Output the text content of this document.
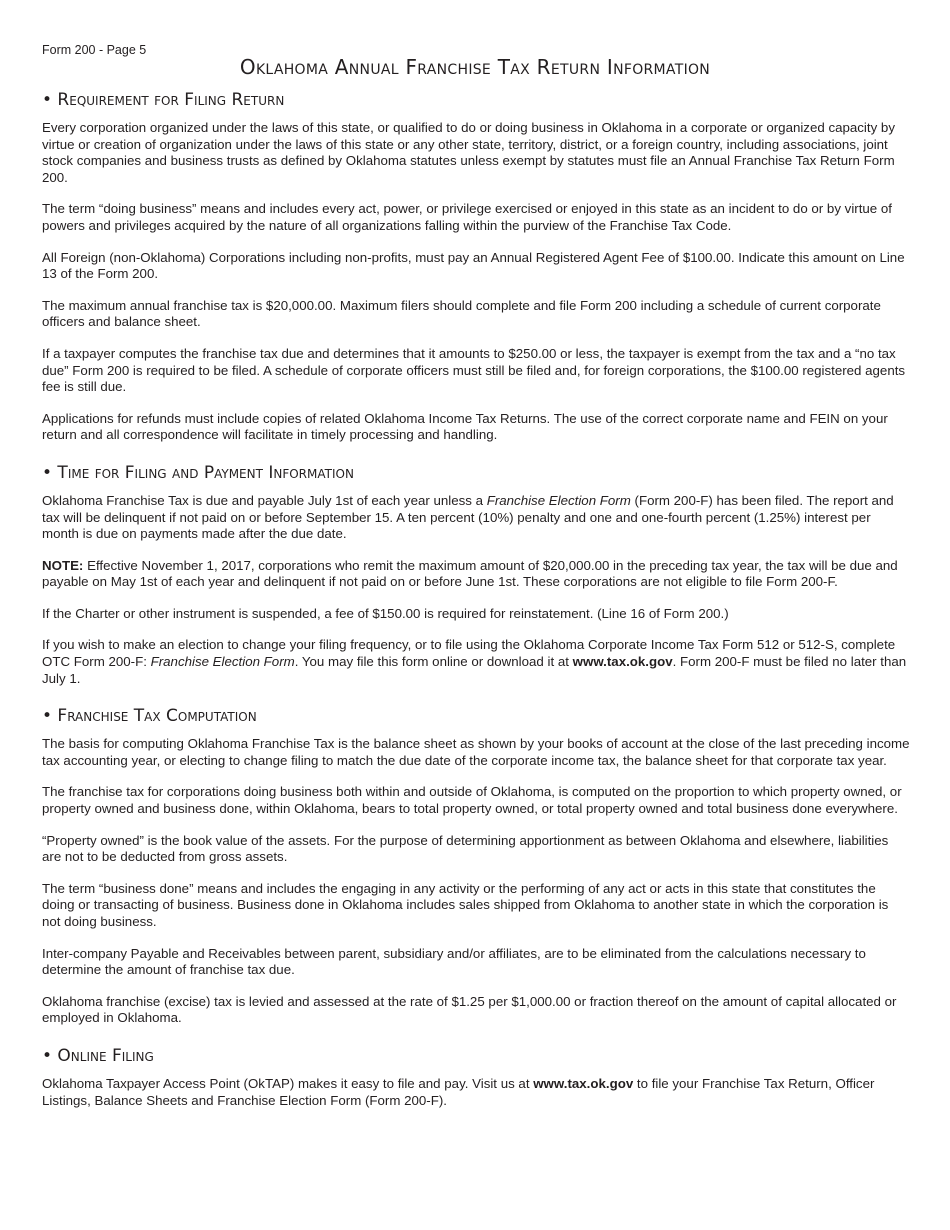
Form 200 - Page 5
Oklahoma Annual Franchise Tax Return Information
• Requirement for Filing Return

Every corporation organized under the laws of this state, or qualified to do or doing business in Oklahoma in a corporate or organized capacity by virtue or creation of organization under the laws of this state or any other state, territory, district, or a foreign country, including associations, joint stock companies and business trusts as defined by Oklahoma statutes unless exempt by statutes must file an Annual Franchise Tax Return Form 200.

The term “doing business” means and includes every act, power, or privilege exercised or enjoyed in this state as an incident to do or by virtue of powers and privileges acquired by the nature of all organizations falling within the purview of the Franchise Tax Code.

All Foreign (non-Oklahoma) Corporations including non-profits, must pay an Annual Registered Agent Fee of $100.00. Indicate this amount on Line 13 of the Form 200.

The maximum annual franchise tax is $20,000.00. Maximum filers should complete and file Form 200 including a schedule of current corporate officers and balance sheet.

If a taxpayer computes the franchise tax due and determines that it amounts to $250.00 or less, the taxpayer is exempt from the tax and a “no tax due” Form 200 is required to be filed. A schedule of corporate officers must still be filed and, for foreign corporations, the $100.00 registered agents fee is still due.

Applications for refunds must include copies of related Oklahoma Income Tax Returns. The use of the correct corporate name and FEIN on your return and all correspondence will facilitate in timely processing and handling.

• Time for Filing and Payment Information

Oklahoma Franchise Tax is due and payable July 1st of each year unless a Franchise Election Form (Form 200-F) has been filed. The report and tax will be delinquent if not paid on or before September 15. A ten percent (10%) penalty and one and one-fourth percent (1.25%) interest per month is due on payments made after the due date.

NOTE: Effective November 1, 2017, corporations who remit the maximum amount of $20,000.00 in the preceding tax year, the tax will be due and payable on May 1st of each year and delinquent if not paid on or before June 1st. These corporations are not eligible to file Form 200-F.

If the Charter or other instrument is suspended, a fee of $150.00 is required for reinstatement. (Line 16 of Form 200.)

If you wish to make an election to change your filing frequency, or to file using the Oklahoma Corporate Income Tax Form 512 or 512-S, complete OTC Form 200-F: Franchise Election Form. You may file this form online or download it at www.tax.ok.gov. Form 200-F must be filed no later than July 1.

• Franchise Tax Computation

The basis for computing Oklahoma Franchise Tax is the balance sheet as shown by your books of account at the close of the last preceding income tax accounting year, or electing to change filing to match the due date of the corporate income tax, the balance sheet for that corporate tax year.

The franchise tax for corporations doing business both within and outside of Oklahoma, is computed on the proportion to which property owned, or property owned and business done, within Oklahoma, bears to total property owned, or total property owned and total business done everywhere.

“Property owned” is the book value of the assets. For the purpose of determining apportionment as between Oklahoma and elsewhere, liabilities are not to be deducted from gross assets.

The term “business done” means and includes the engaging in any activity or the performing of any act or acts in this state that constitutes the doing or transacting of business. Business done in Oklahoma includes sales shipped from Oklahoma to another state in which the corporation is not doing business.

Inter-company Payable and Receivables between parent, subsidiary and/or affiliates, are to be eliminated from the calculations necessary to determine the amount of franchise tax due.

Oklahoma franchise (excise) tax is levied and assessed at the rate of $1.25 per $1,000.00 or fraction thereof on the amount of capital allocated or employed in Oklahoma.

• Online Filing

Oklahoma Taxpayer Access Point (OkTAP) makes it easy to file and pay. Visit us at www.tax.ok.gov to file your Franchise Tax Return, Officer Listings, Balance Sheets and Franchise Election Form (Form 200-F).
